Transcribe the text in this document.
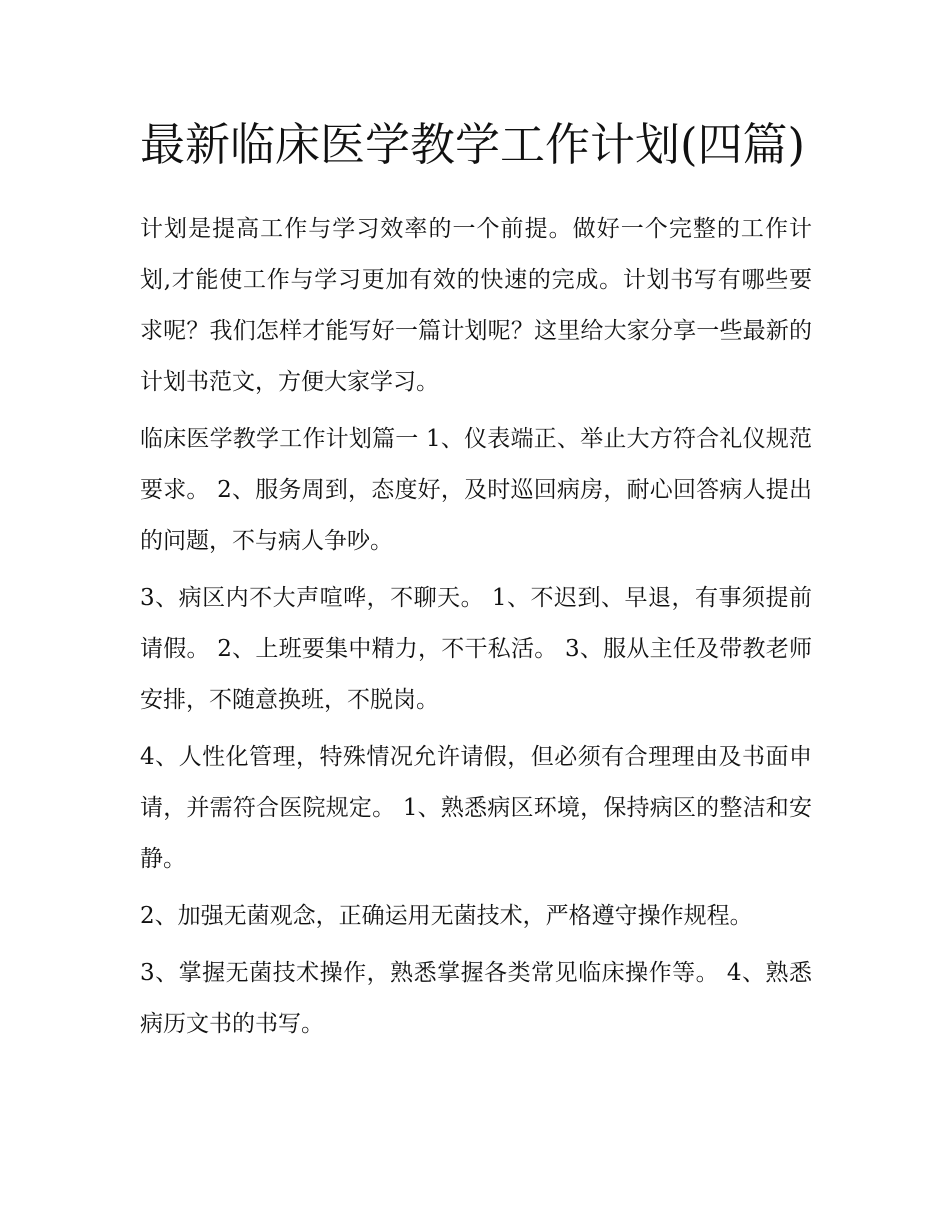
最新临床医学教学工作计划(四篇)

计划是提高工作与学习效率的一个前提。做好一个完整的工作计划,才能使工作与学习更加有效的快速的完成。计划书写有哪些要求呢？我们怎样才能写好一篇计划呢？这里给大家分享一些最新的计划书范文，方便大家学习。

临床医学教学工作计划篇一 1、仪表端正、举止大方符合礼仪规范要求。 2、服务周到，态度好，及时巡回病房，耐心回答病人提出的问题，不与病人争吵。

3、病区内不大声喧哗，不聊天。 1、不迟到、早退，有事须提前请假。 2、上班要集中精力，不干私活。 3、服从主任及带教老师安排，不随意换班，不脱岗。

4、人性化管理，特殊情况允许请假，但必须有合理理由及书面申请，并需符合医院规定。 1、熟悉病区环境，保持病区的整洁和安静。

2、加强无菌观念，正确运用无菌技术，严格遵守操作规程。

3、掌握无菌技术操作，熟悉掌握各类常见临床操作等。 4、熟悉病历文书的书写。
